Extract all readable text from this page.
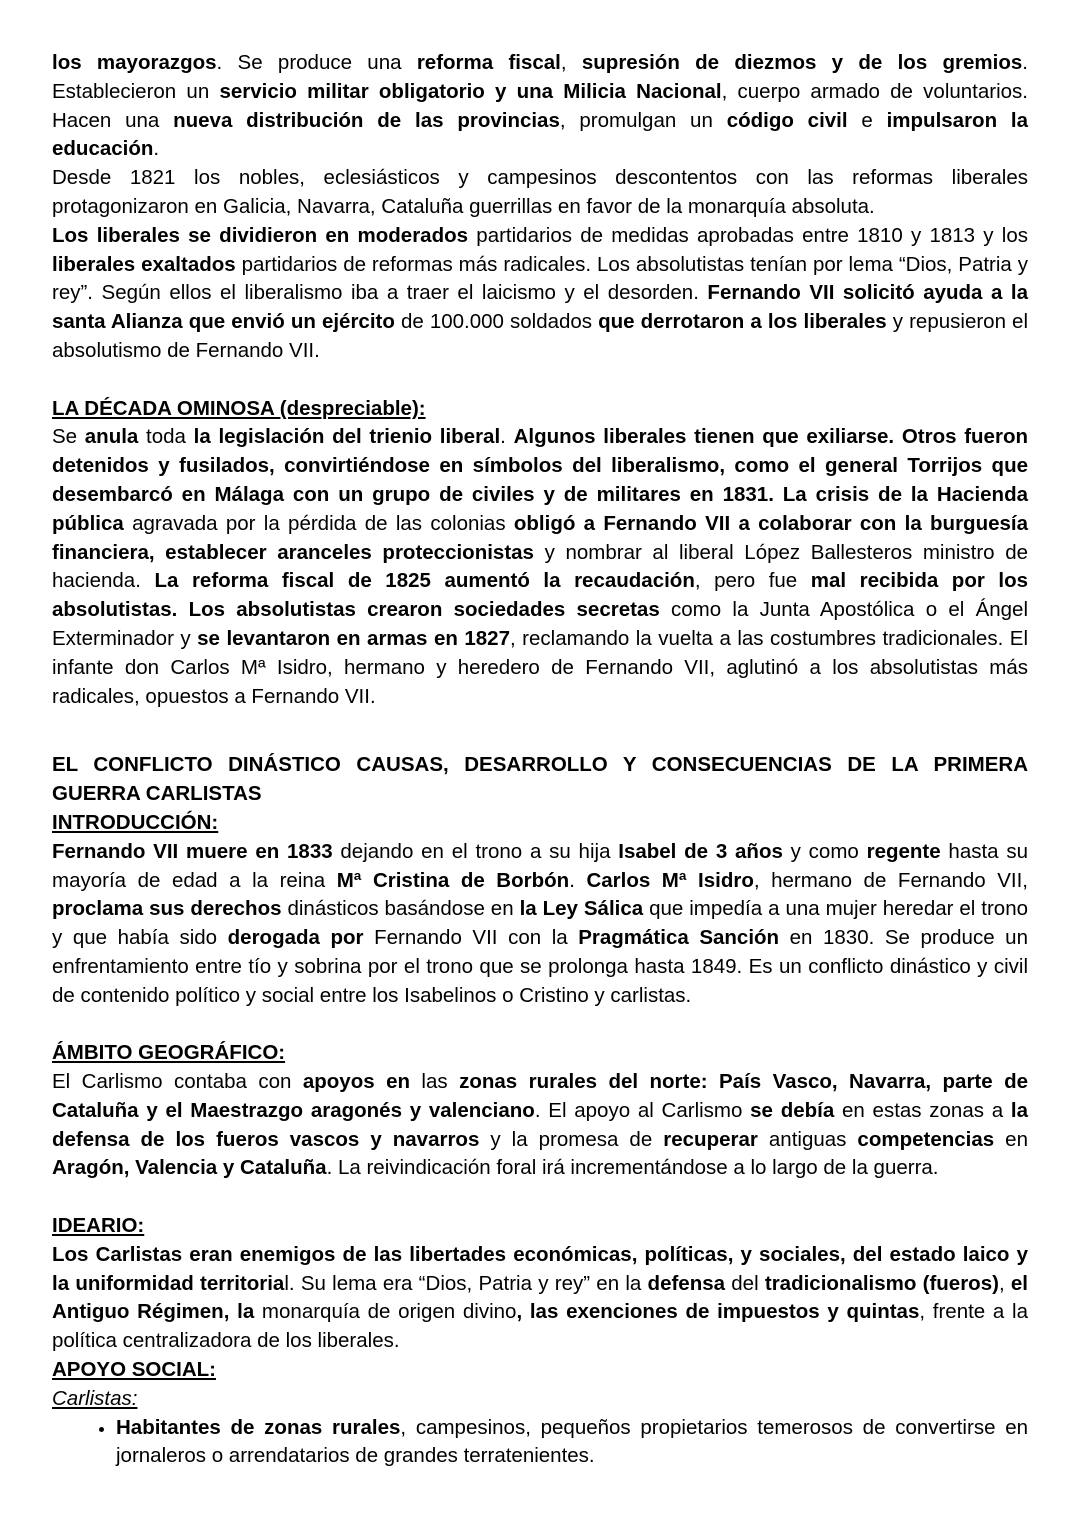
los mayorazgos. Se produce una reforma fiscal, supresión de diezmos y de los gremios. Establecieron un servicio militar obligatorio y una Milicia Nacional, cuerpo armado de voluntarios. Hacen una nueva distribución de las provincias, promulgan un código civil e impulsaron la educación.

Desde 1821 los nobles, eclesiásticos y campesinos descontentos con las reformas liberales protagonizaron en Galicia, Navarra, Cataluña guerrillas en favor de la monarquía absoluta.

Los liberales se dividieron en moderados partidarios de medidas aprobadas entre 1810 y 1813 y los liberales exaltados partidarios de reformas más radicales. Los absolutistas tenían por lema “Dios, Patria y rey”. Según ellos el liberalismo iba a traer el laicismo y el desorden. Fernando VII solicitó ayuda a la santa Alianza que envió un ejército de 100.000 soldados que derrotaron a los liberales y repusieron el absolutismo de Fernando VII.

LA DÉCADA OMINOSA (despreciable):

Se anula toda la legislación del trienio liberal. Algunos liberales tienen que exiliarse. Otros fueron detenidos y fusilados, convirtiéndose en símbolos del liberalismo, como el general Torrijos que desembarcó en Málaga con un grupo de civiles y de militares en 1831. La crisis de la Hacienda pública agravada por la pérdida de las colonias obligó a Fernando VII a colaborar con la burguesía financiera, establecer aranceles proteccionistas y nombrar al liberal López Ballesteros ministro de hacienda. La reforma fiscal de 1825 aumentó la recaudación, pero fue mal recibida por los absolutistas. Los absolutistas crearon sociedades secretas como la Junta Apostólica o el Ángel Exterminador y se levantaron en armas en 1827, reclamando la vuelta a las costumbres tradicionales. El infante don Carlos Mª Isidro, hermano y heredero de Fernando VII, aglutinó a los absolutistas más radicales, opuestos a Fernando VII.

EL CONFLICTO DINÁSTICO CAUSAS, DESARROLLO Y CONSECUENCIAS DE LA PRIMERA GUERRA CARLISTAS

INTRODUCCIÓN:

Fernando VII muere en 1833 dejando en el trono a su hija Isabel de 3 años y como regente hasta su mayoría de edad a la reina Mª Cristina de Borbón. Carlos Mª Isidro, hermano de Fernando VII, proclama sus derechos dinásticos basándose en la Ley Sálica que impedía a una mujer heredar el trono y que había sido derogada por Fernando VII con la Pragmática Sanción en 1830. Se produce un enfrentamiento entre tío y sobrina por el trono que se prolonga hasta 1849. Es un conflicto dinástico y civil de contenido político y social entre los Isabelinos o Cristino y carlistas.

ÁMBITO GEOGRÁFICO:

El Carlismo contaba con apoyos en las zonas rurales del norte: País Vasco, Navarra, parte de Cataluña y el Maestrazgo aragonés y valenciano. El apoyo al Carlismo se debía en estas zonas a la defensa de los fueros vascos y navarros y la promesa de recuperar antiguas competencias en Aragón, Valencia y Cataluña. La reivindicación foral irá incrementándose a lo largo de la guerra.

IDEARIO:

Los Carlistas eran enemigos de las libertades económicas, políticas, y sociales, del estado laico y la uniformidad territorial. Su lema era “Dios, Patria y rey” en la defensa del tradicionalismo (fueros), el Antiguo Régimen, la monarquía de origen divino, las exenciones de impuestos y quintas, frente a la política centralizadora de los liberales.

APOYO SOCIAL:

Carlistas:

• Habitantes de zonas rurales, campesinos, pequeños propietarios temerosos de convertirse en jornaleros o arrendatarios de grandes terratenientes.
